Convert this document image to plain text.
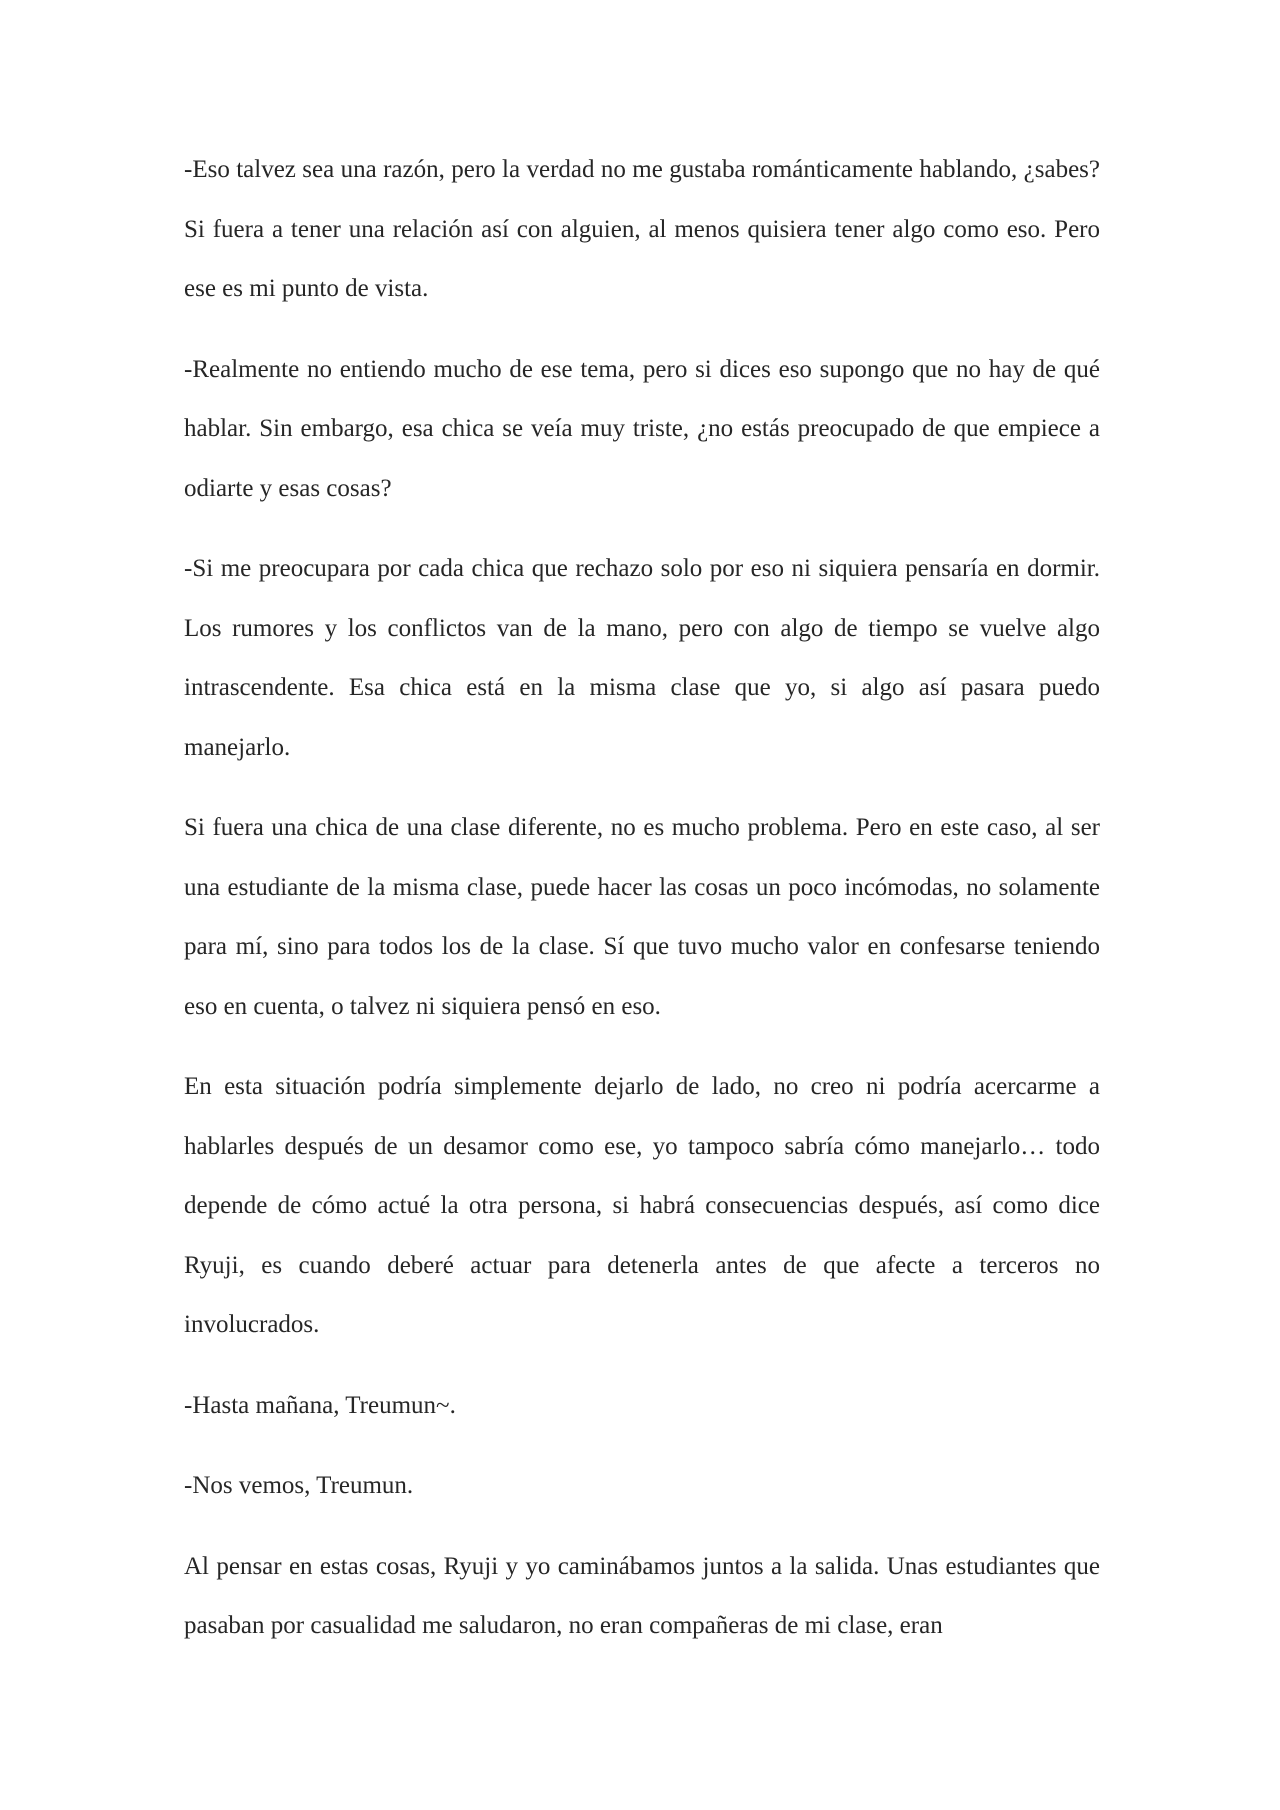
-Eso talvez sea una razón, pero la verdad no me gustaba románticamente hablando, ¿sabes? Si fuera a tener una relación así con alguien, al menos quisiera tener algo como eso. Pero ese es mi punto de vista.

-Realmente no entiendo mucho de ese tema, pero si dices eso supongo que no hay de qué hablar. Sin embargo, esa chica se veía muy triste, ¿no estás preocupado de que empiece a odiarte y esas cosas?

-Si me preocupara por cada chica que rechazo solo por eso ni siquiera pensaría en dormir. Los rumores y los conflictos van de la mano, pero con algo de tiempo se vuelve algo intrascendente. Esa chica está en la misma clase que yo, si algo así pasara puedo manejarlo.

Si fuera una chica de una clase diferente, no es mucho problema. Pero en este caso, al ser una estudiante de la misma clase, puede hacer las cosas un poco incómodas, no solamente para mí, sino para todos los de la clase. Sí que tuvo mucho valor en confesarse teniendo eso en cuenta, o talvez ni siquiera pensó en eso.

En esta situación podría simplemente dejarlo de lado, no creo ni podría acercarme a hablarles después de un desamor como ese, yo tampoco sabría cómo manejarlo… todo depende de cómo actué la otra persona, si habrá consecuencias después, así como dice Ryuji, es cuando deberé actuar para detenerla antes de que afecte a terceros no involucrados.

-Hasta mañana, Treumun~.

-Nos vemos, Treumun.

Al pensar en estas cosas, Ryuji y yo caminábamos juntos a la salida. Unas estudiantes que pasaban por casualidad me saludaron, no eran compañeras de mi clase, eran
